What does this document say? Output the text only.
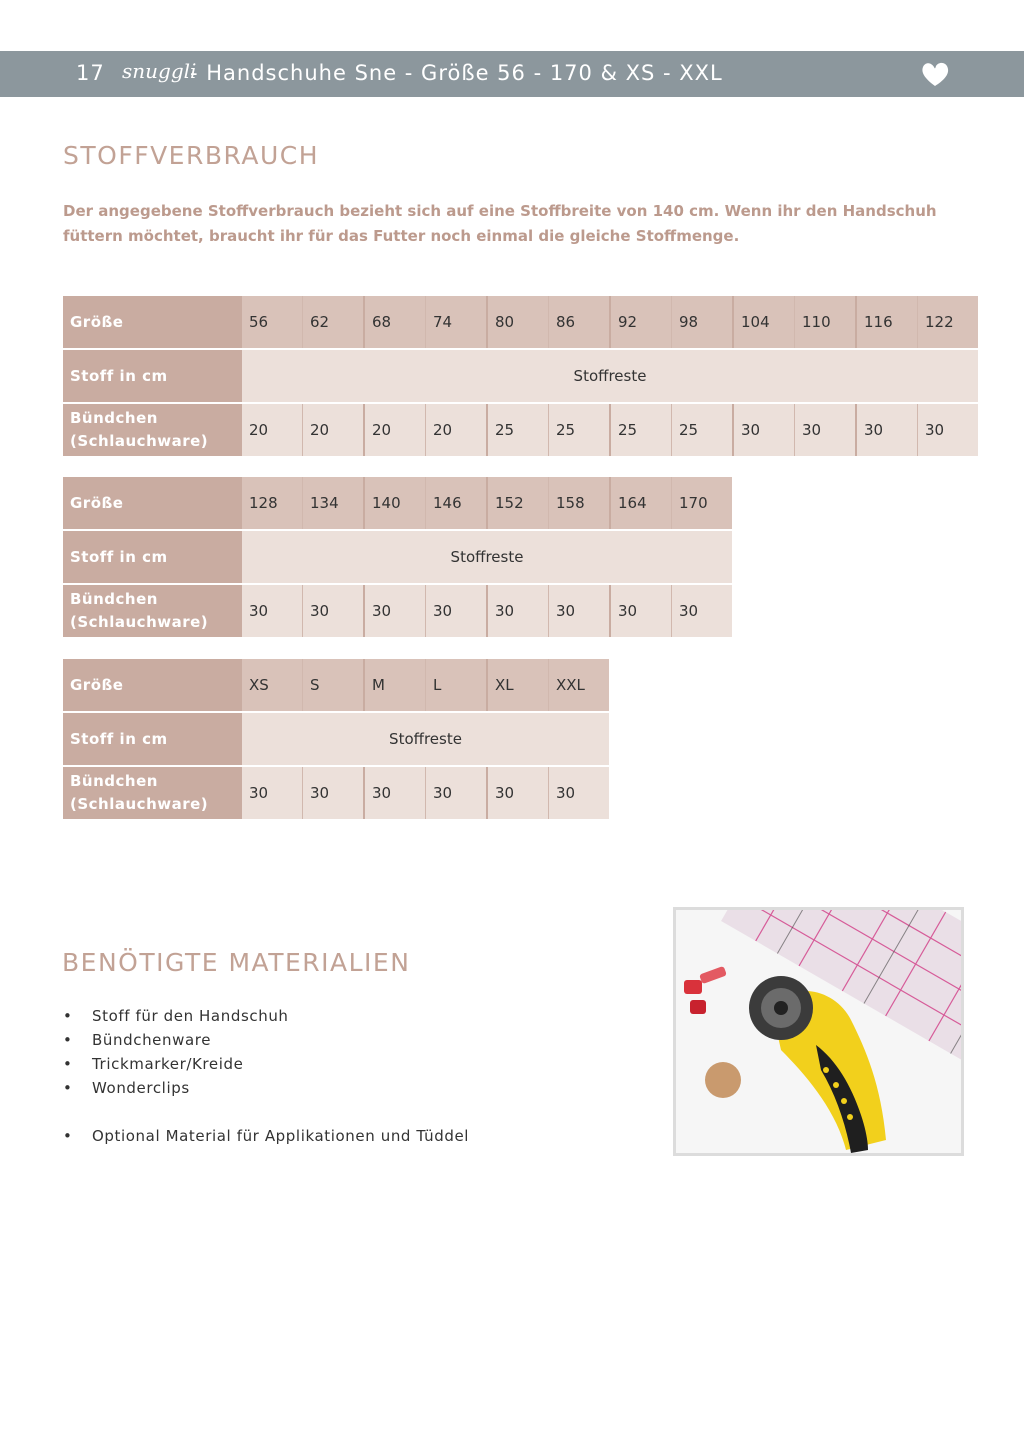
17 snuggli
- Handschuhe Sne - Größe 56 - 170 & XS - XXL
STOFFVERBRAUCH

Der angegebene Stoffverbrauch bezieht sich auf eine Stoffbreite von 140 cm. Wenn ihr den Handschuh füttern möchtet, braucht ihr für das Futter noch einmal die gleiche Stoffmenge.

Größe	56	62	68	74	80	86	92	98	104	110	116	122
Stoff in cm	Stoffreste											
Bündchen
(Schlauchware)	20	20	20	20	25	25	25	25	30	30	30	30
Größe	128	134	140	146	152	158	164	170
Stoff in cm	Stoffreste							
Bündchen
(Schlauchware)	30	30	30	30	30	30	30	30
Größe	XS	S	M	L	XL	XXL
Stoff in cm	Stoffreste					
Bündchen
(Schlauchware)	30	30	30	30	30	30
BENÖTIGTE MATERIALIEN
• Stoff für den Handschuh
• Bündchenware
• Trickmarker/Kreide
• Wonderclips
• Optional Material für Applikationen und Tüddel
